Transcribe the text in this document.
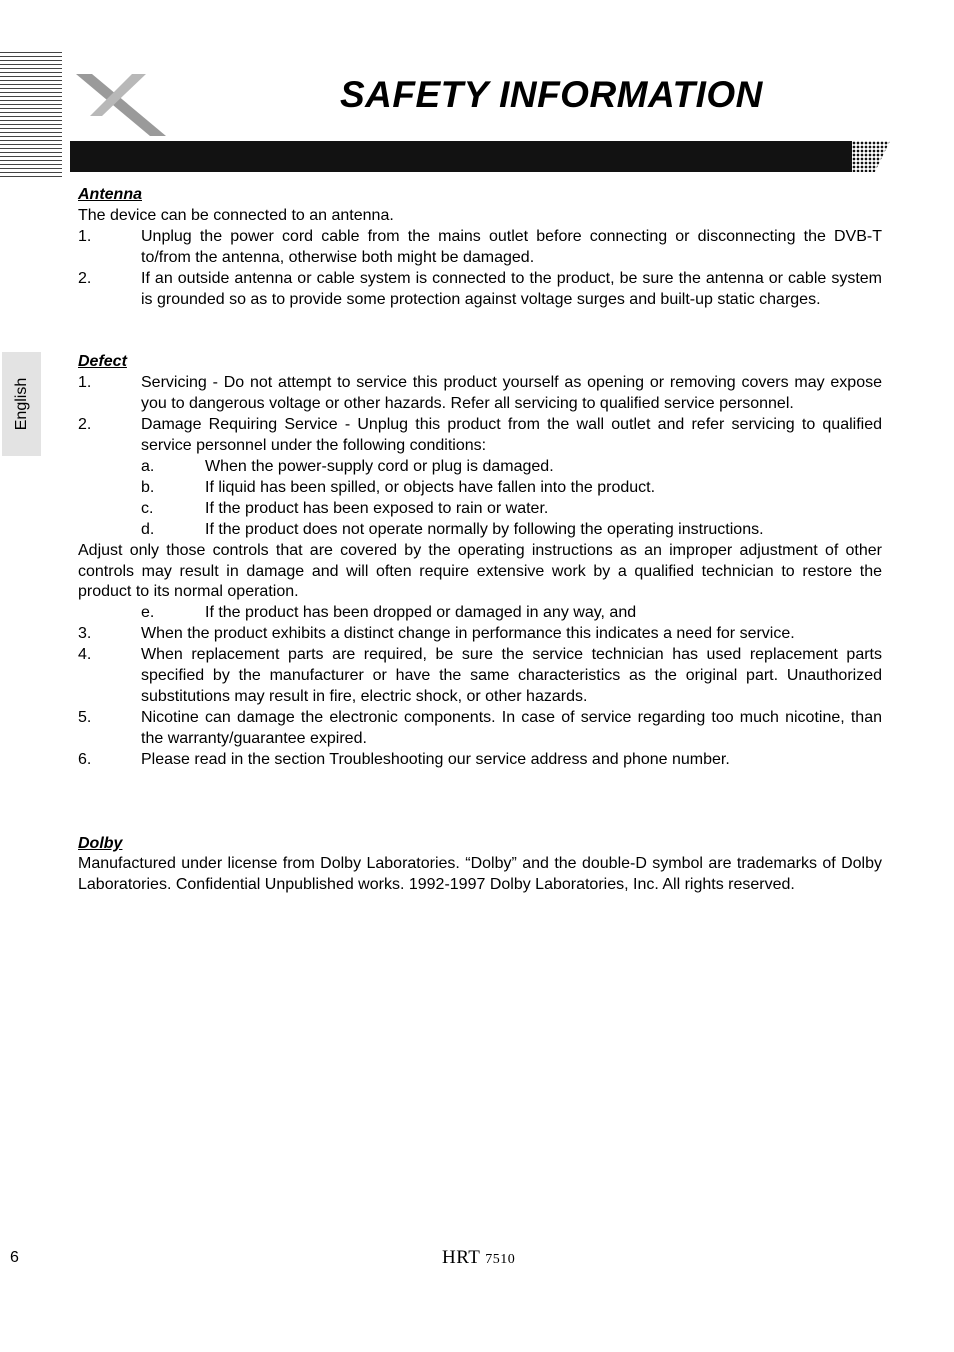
SAFETY INFORMATION
English

Antenna

The device can be connected to an antenna.

1.	Unplug the power cord cable from the mains outlet before connecting or disconnecting the DVB-T to/from the antenna, otherwise both might be damaged.
2.	If an outside antenna or cable system is connected to the product, be sure the antenna or cable system is grounded so as to provide some protection against voltage surges and built-up static charges.

Defect

1.	Servicing - Do not attempt to service this product yourself as opening or removing covers may expose you to dangerous voltage or other hazards. Refer all servicing to qualified service personnel.
2.	Damage Requiring Service - Unplug this product from the wall outlet and refer servicing to qualified service personnel under the following conditions:
a.	When the power-supply cord or plug is damaged.
b.	If liquid has been spilled, or objects have fallen into the product.
c.	If the product has been exposed to rain or water.
d.	If the product does not operate normally by following the operating instructions.

Adjust only those controls that are covered by the operating instructions as an improper adjustment of other controls may result in damage and will often require extensive work by a qualified technician to restore the product to its normal operation.

e.	If the product has been dropped or damaged in any way, and
3.	When the product exhibits a distinct change in performance this indicates a need for service.
4.	When replacement parts are required, be sure the service technician has used replacement parts specified by the manufacturer or have the same characteristics as the original part. Unauthorized substitutions may result in fire, electric shock, or other hazards.
5.	Nicotine can damage the electronic components. In case of service regarding too much nicotine, than the warranty/guarantee expired.
6.	Please read in the section Troubleshooting our service address and phone number.

Dolby

Manufactured under license from Dolby Laboratories. “Dolby” and the double-D symbol are trademarks of Dolby Laboratories. Confidential Unpublished works. 1992-1997 Dolby Laboratories, Inc. All rights reserved.

6	HRT 7510
